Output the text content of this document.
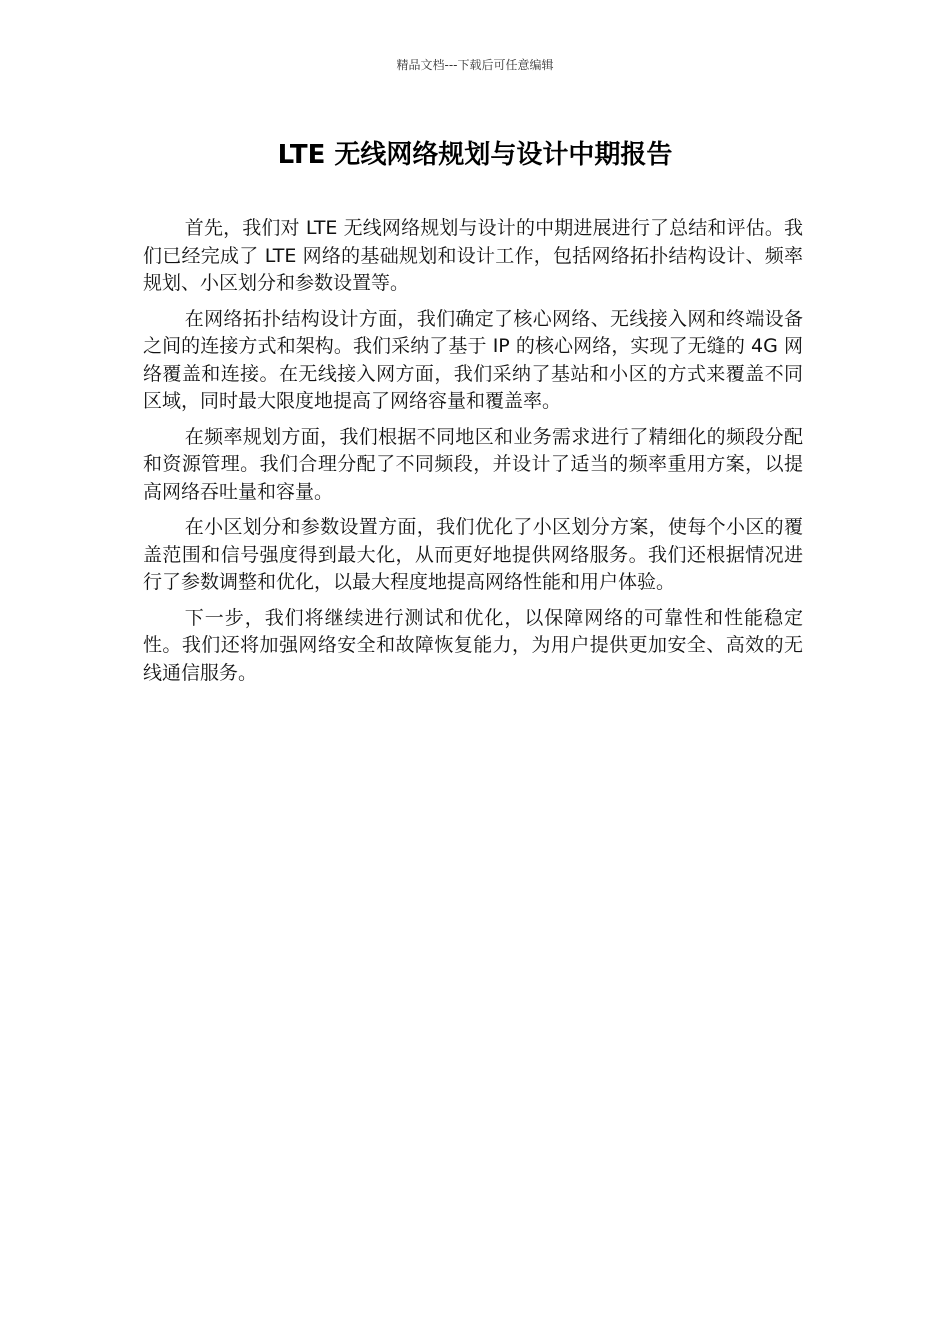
精品文档---下载后可任意编辑
LTE 无线网络规划与设计中期报告

首先，我们对 LTE 无线网络规划与设计的中期进展进行了总结和评估。我们已经完成了 LTE 网络的基础规划和设计工作，包括网络拓扑结构设计、频率规划、小区划分和参数设置等。

在网络拓扑结构设计方面，我们确定了核心网络、无线接入网和终端设备之间的连接方式和架构。我们采纳了基于 IP 的核心网络，实现了无缝的 4G 网络覆盖和连接。在无线接入网方面，我们采纳了基站和小区的方式来覆盖不同区域，同时最大限度地提高了网络容量和覆盖率。

在频率规划方面，我们根据不同地区和业务需求进行了精细化的频段分配和资源管理。我们合理分配了不同频段，并设计了适当的频率重用方案，以提高网络吞吐量和容量。

在小区划分和参数设置方面，我们优化了小区划分方案，使每个小区的覆盖范围和信号强度得到最大化，从而更好地提供网络服务。我们还根据情况进行了参数调整和优化，以最大程度地提高网络性能和用户体验。

下一步，我们将继续进行测试和优化，以保障网络的可靠性和性能稳定性。我们还将加强网络安全和故障恢复能力，为用户提供更加安全、高效的无线通信服务。
